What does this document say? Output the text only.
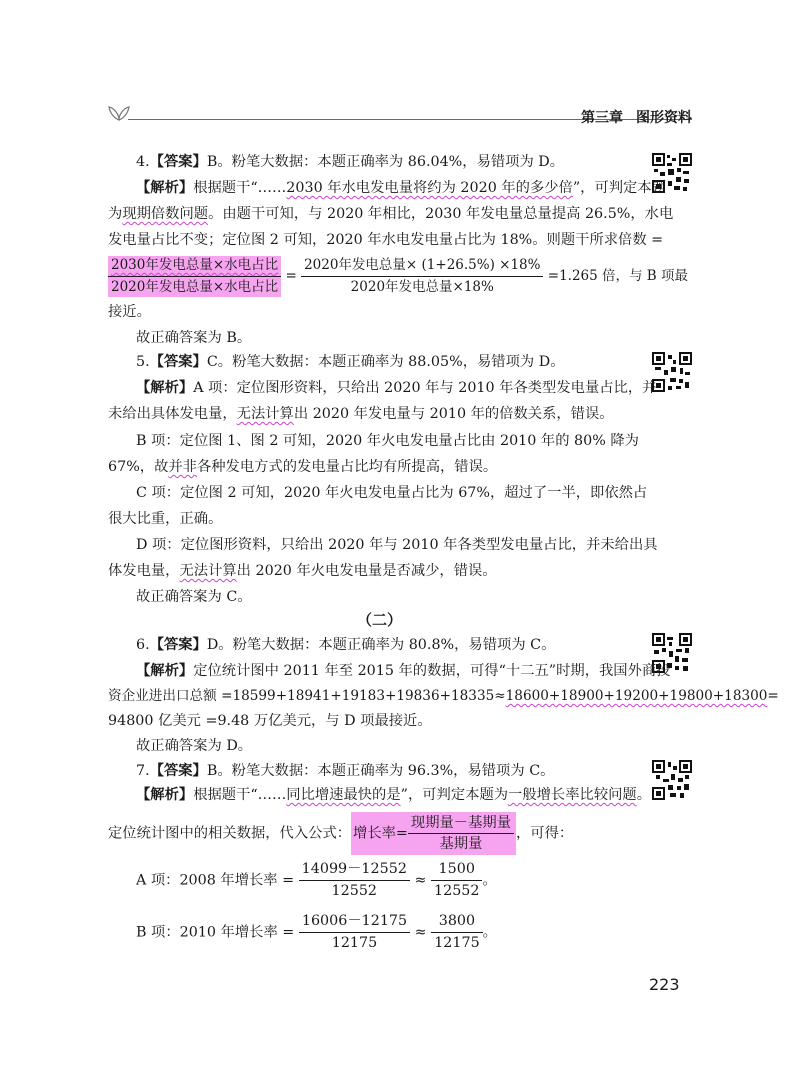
第三章 图形资料
4.【答案】B。粉笔大数据：本题正确率为 86.04%，易错项为 D。
【解析】根据题干“……2030 年水电发电量将约为 2020 年的多少倍”，可判定本题
为现期倍数问题。由题干可知，与 2020 年相比，2030 年发电量总量提高 26.5%，水电
发电量占比不变；定位图 2 可知，2020 年水电发电量占比为 18%。则题干所求倍数 =
$\frac{\text{2030年发电总量×水电占比}}{\text{2020年发电总量×水电占比}} = \frac{\text{2020年发电总量× (1+26.5\%) ×18\%}}{\text{2020年发电总量×18\%}} =1.265$ 倍，与 B 项最
接近。
故正确答案为 B。
5.【答案】C。粉笔大数据：本题正确率为 88.05%，易错项为 D。
【解析】A 项：定位图形资料，只给出 2020 年与 2010 年各类型发电量占比，并
未给出具体发电量，无法计算出 2020 年发电量与 2010 年的倍数关系，错误。
B 项：定位图 1、图 2 可知，2020 年火电发电量占比由 2010 年的 80% 降为
67%，故并非各种发电方式的发电量占比均有所提高，错误。
C 项：定位图 2 可知，2020 年火电发电量占比为 67%，超过了一半，即依然占
很大比重，正确。
D 项：定位图形资料，只给出 2020 年与 2010 年各类型发电量占比，并未给出具
体发电量，无法计算出 2020 年火电发电量是否减少，错误。
故正确答案为 C。
（二）
6.【答案】D。粉笔大数据：本题正确率为 80.8%，易错项为 C。
【解析】定位统计图中 2011 年至 2015 年的数据，可得“十二五”时期，我国外商投
资企业进出口总额 =18599+18941+19183+19836+18335≈18600+18900+19200+19800+18300=
94800 亿美元 =9.48 万亿美元，与 D 项最接近。
故正确答案为 D。
7.【答案】B。粉笔大数据：本题正确率为 96.3%，易错项为 C。
【解析】根据题干“……同比增速最快的是”，可判定本题为一般增长率比较问题。
定位统计图中的相关数据，代入公式： 增长率= $\frac{\text{现期量－基期量}}{\text{基期量}}$ ，可得：
A 项：2008 年增长率 = $\frac{14099-12552}{12552} \approx \frac{1500}{12552}$ 。
B 项：2010 年增长率 = $\frac{16006-12175}{12175} \approx \frac{3800}{12175}$ 。
223
